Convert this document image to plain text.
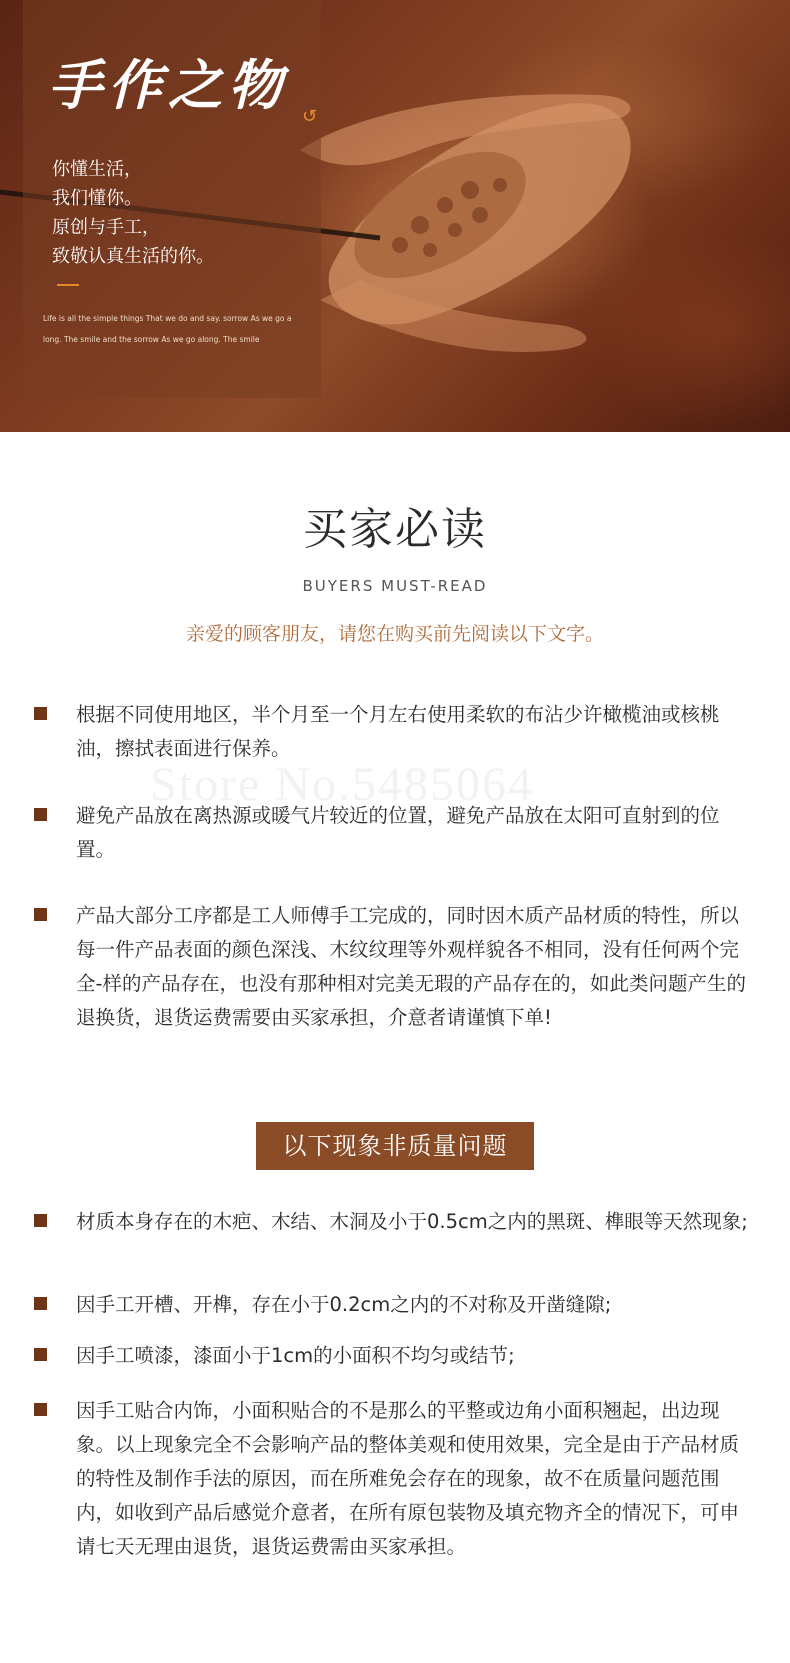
手作之物 ↺

你懂生活，

我们懂你。

原创与手工，

致敬认真生活的你。

Life is all the simple things That we do and say. sorrow As we go a long. The smile and the sorrow As we go along. The smile
买家必读
BUYERS MUST-READ
亲爱的顾客朋友，请您在购买前先阅读以下文字。
Store No.5485064
根据不同使用地区，半个月至一个月左右使用柔软的布沾少许橄榄油或核桃油，擦拭表面进行保养。
避免产品放在离热源或暖气片较近的位置，避免产品放在太阳可直射到的位置。
产品大部分工序都是工人师傅手工完成的，同时因木质产品材质的特性，所以每一件产品表面的颜色深浅、木纹纹理等外观样貌各不相同，没有任何两个完全-样的产品存在，也没有那种相对完美无瑕的产品存在的，如此类问题产生的退换货，退货运费需要由买家承担，介意者请谨慎下单!
以下现象非质量问题
材质本身存在的木疤、木结、木洞及小于0.5cm之内的黑斑、榫眼等天然现象;
因手工开槽、开榫，存在小于0.2cm之内的不对称及开凿缝隙;
因手工喷漆，漆面小于1cm的小面积不均匀或结节;
因手工贴合内饰，小面积贴合的不是那么的平整或边角小面积翘起，出边现象。以上现象完全不会影响产品的整体美观和使用效果，完全是由于产品材质的特性及制作手法的原因，而在所难免会存在的现象，故不在质量问题范围内，如收到产品后感觉介意者，在所有原包装物及填充物齐全的情况下，可申请七天无理由退货，退货运费需由买家承担。
